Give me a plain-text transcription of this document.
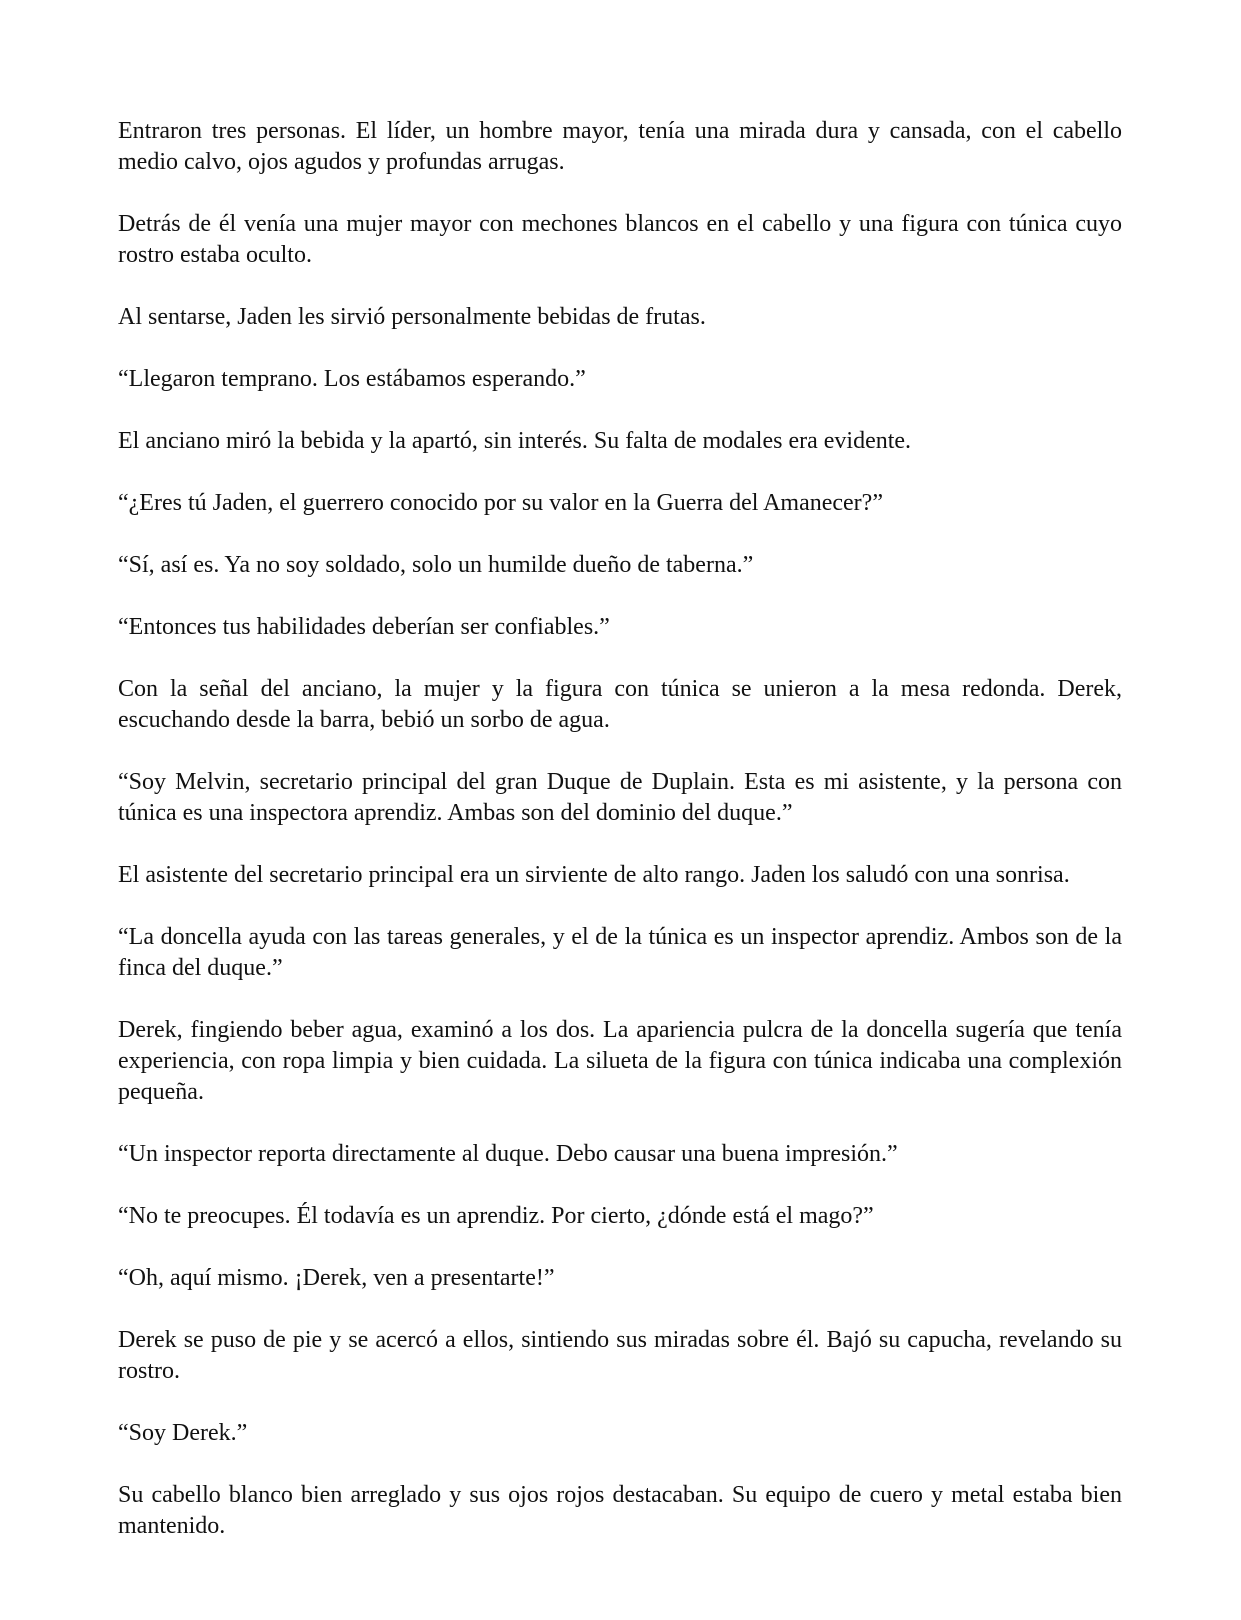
Entraron tres personas. El líder, un hombre mayor, tenía una mirada dura y cansada, con el cabello medio calvo, ojos agudos y profundas arrugas.

Detrás de él venía una mujer mayor con mechones blancos en el cabello y una figura con túnica cuyo rostro estaba oculto.

Al sentarse, Jaden les sirvió personalmente bebidas de frutas.

“Llegaron temprano. Los estábamos esperando.”

El anciano miró la bebida y la apartó, sin interés. Su falta de modales era evidente.

“¿Eres tú Jaden, el guerrero conocido por su valor en la Guerra del Amanecer?”

“Sí, así es. Ya no soy soldado, solo un humilde dueño de taberna.”

“Entonces tus habilidades deberían ser confiables.”

Con la señal del anciano, la mujer y la figura con túnica se unieron a la mesa redonda. Derek, escuchando desde la barra, bebió un sorbo de agua.

“Soy Melvin, secretario principal del gran Duque de Duplain. Esta es mi asistente, y la persona con túnica es una inspectora aprendiz. Ambas son del dominio del duque.”

El asistente del secretario principal era un sirviente de alto rango. Jaden los saludó con una sonrisa.

“La doncella ayuda con las tareas generales, y el de la túnica es un inspector aprendiz. Ambos son de la finca del duque.”

Derek, fingiendo beber agua, examinó a los dos. La apariencia pulcra de la doncella sugería que tenía experiencia, con ropa limpia y bien cuidada. La silueta de la figura con túnica indicaba una complexión pequeña.

“Un inspector reporta directamente al duque. Debo causar una buena impresión.”

“No te preocupes. Él todavía es un aprendiz. Por cierto, ¿dónde está el mago?”

“Oh, aquí mismo. ¡Derek, ven a presentarte!”

Derek se puso de pie y se acercó a ellos, sintiendo sus miradas sobre él. Bajó su capucha, revelando su rostro.

“Soy Derek.”

Su cabello blanco bien arreglado y sus ojos rojos destacaban. Su equipo de cuero y metal estaba bien mantenido.
